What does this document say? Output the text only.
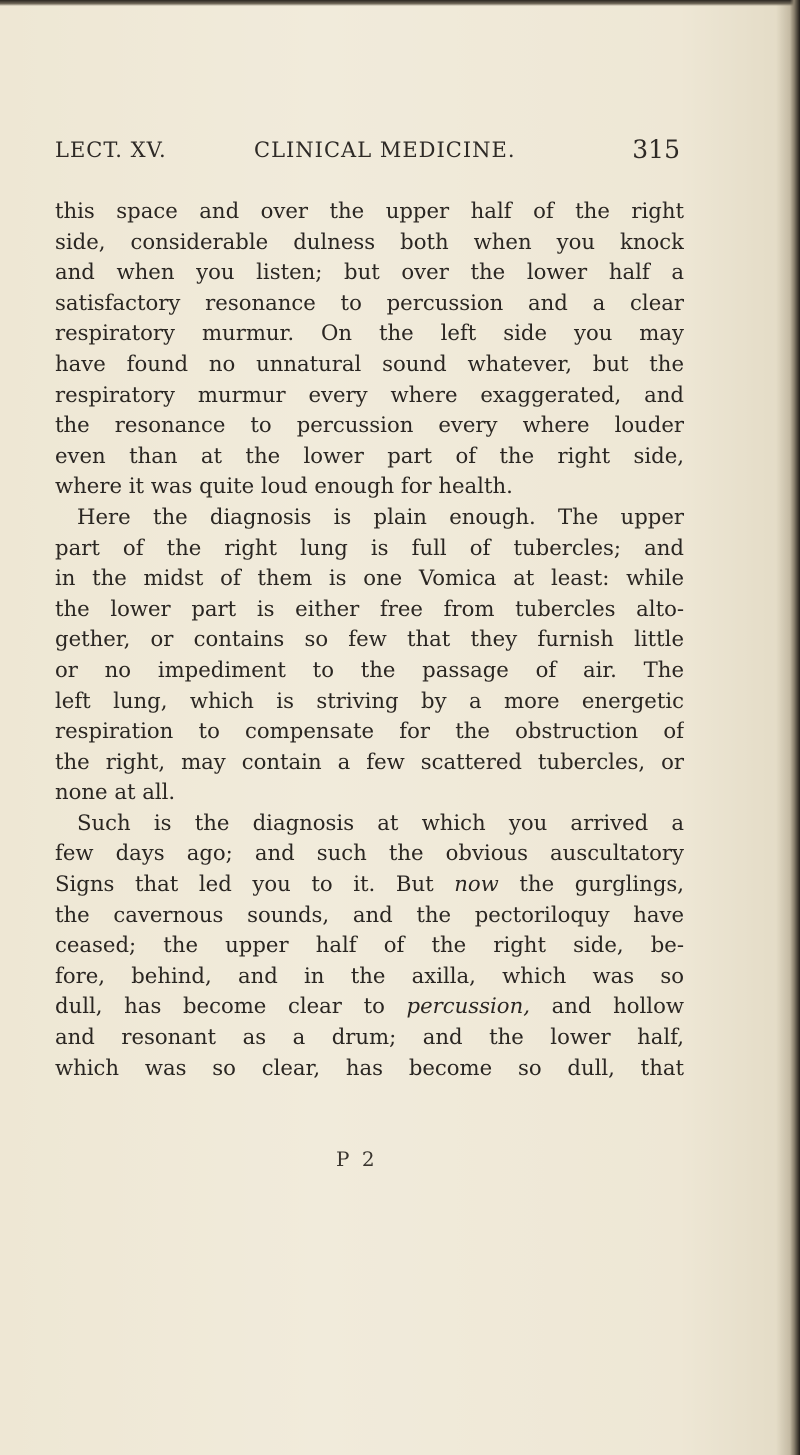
LECT. XV.	CLINICAL MEDICINE.	315
this space and over the upper half of the right
side, considerable dulness both when you knock
and when you listen; but over the lower half a
satisfactory resonance to percussion and a clear
respiratory murmur. On the left side you may
have found no unnatural sound whatever, but the
respiratory murmur every where exaggerated, and
the resonance to percussion every where louder
even than at the lower part of the right side,
where it was quite loud enough for health.
Here the diagnosis is plain enough. The upper
part of the right lung is full of tubercles; and
in the midst of them is one Vomica at least: while
the lower part is either free from tubercles alto-
gether, or contains so few that they furnish little
or no impediment to the passage of air. The
left lung, which is striving by a more energetic
respiration to compensate for the obstruction of
the right, may contain a few scattered tubercles, or
none at all.
Such is the diagnosis at which you arrived a
few days ago; and such the obvious auscultatory
Signs that led you to it. But now the gurglings,
the cavernous sounds, and the pectoriloquy have
ceased; the upper half of the right side, be-
fore, behind, and in the axilla, which was so
dull, has become clear to percussion, and hollow
and resonant as a drum; and the lower half,
which was so clear, has become so dull, that
P 2
